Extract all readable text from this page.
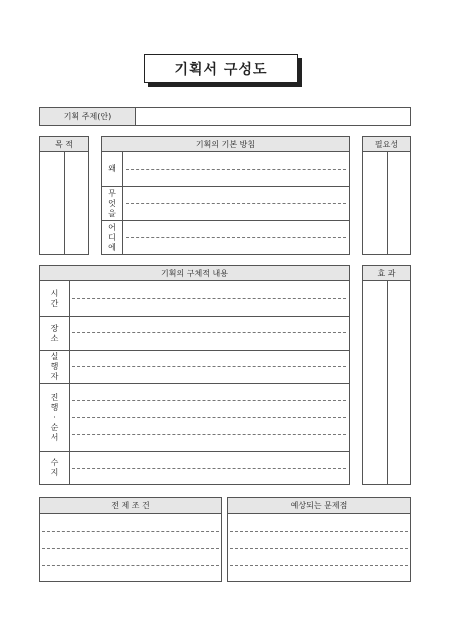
기획서 구성도
기획 주제(안)
목 적	기획의 기본 방침
왜
무
엇
을
어
디
에
필요성
기획의 구체적 내용
시
간
장
소
실
행
자
진
행
·
순
서
수
지
효 과
전 제 조 건	예상되는 문제점
